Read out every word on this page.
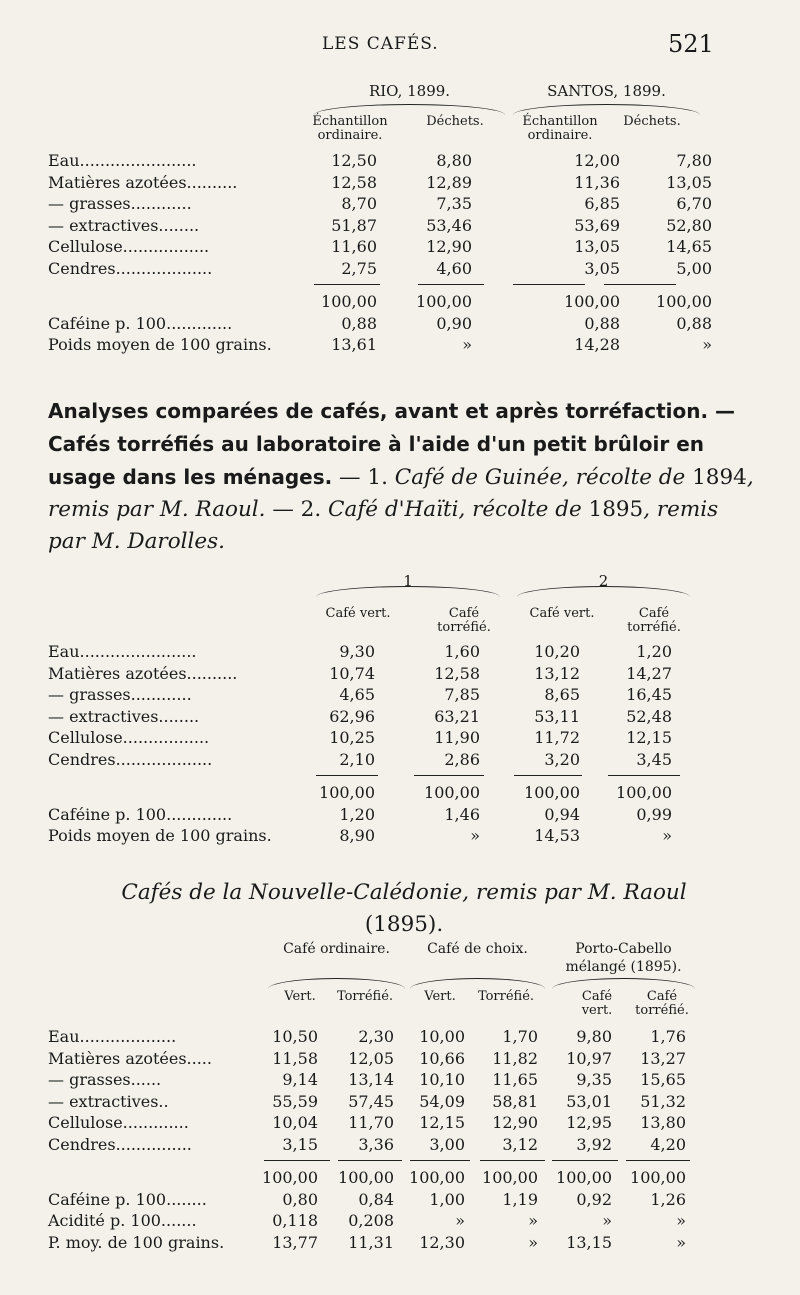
LES CAFÉS.	521
RIO, 1899.	SANTOS, 1899.
Échantillon ordinaire.
Déchets.	Échantillon ordinaire.
Déchets.
Eau.......................	12,50	8,80	12,00	7,80
Matières azotées..........	12,58	12,89	11,36	13,05
— grasses............	8,70	7,35	6,85	6,70
— extractives........	51,87	53,46	53,69	52,80
Cellulose.................	11,60	12,90	13,05	14,65
Cendres...................	2,75	4,60	3,05	5,00
100,00 100,00	100,00 100,00
Caféine p. 100.............	0,88	0,90	0,88	0,88
Poids moyen de 100 grains.	13,61	»	14,28	»
Analyses comparées de cafés, avant et après torréfaction. — Cafés torréfiés au laboratoire à l'aide d'un petit brûloir en usage dans les ménages. — 1. Café de Guinée, récolte de 1894, remis par M. Raoul. — 2. Café d'Haïti, récolte de 1895, remis par M. Darolles.
1	2
Café vert.	Café torréfié.
Café vert.	Café torréfié.
Eau.......................	9,30	1,60	10,20	1,20
Matières azotées..........	10,74	12,58	13,12	14,27
— grasses............	4,65	7,85	8,65	16,45
— extractives........	62,96	63,21	53,11	52,48
Cellulose.................	10,25	11,90	11,72	12,15
Cendres...................	2,10	2,86	3,20	3,45
100,00	100,00	100,00 100,00
Caféine p. 100.............	1,20	1,46	0,94	0,99
Poids moyen de 100 grains.	8,90	»	14,53	»
Cafés de la Nouvelle-Calédonie, remis par M. Raoul
(1895).
Café ordinaire.	Café de choix.	Porto-Cabello mélangé (1895).
Vert.	Torréfié.	Vert.	Torréfié.	Café vert.
Café torréfié.
Eau...................	10,50	2,30 10,00 1,70 9,80 1,76
Matières azotées.....	11,58 12,05 10,66 11,82 10,97 13,27
— grasses......	9,14 13,14 10,10 11,65 9,35 15,65
— extractives..	55,59 57,45 54,09 58,81 53,01 51,32
Cellulose.............	10,04 11,70 12,15 12,90 12,95 13,80
Cendres...............	3,15	3,36 3,00 3,12 3,92 4,20
100,00 100,00 100,00 100,00 100,00 100,00
Caféine p. 100........	0,80	0,84 1,00 1,19 0,92 1,26
Acidité p. 100.......	0,118 0,208	»	»	»	»
P. moy. de 100 grains.	13,77 11,31 12,30	» 13,15	»
